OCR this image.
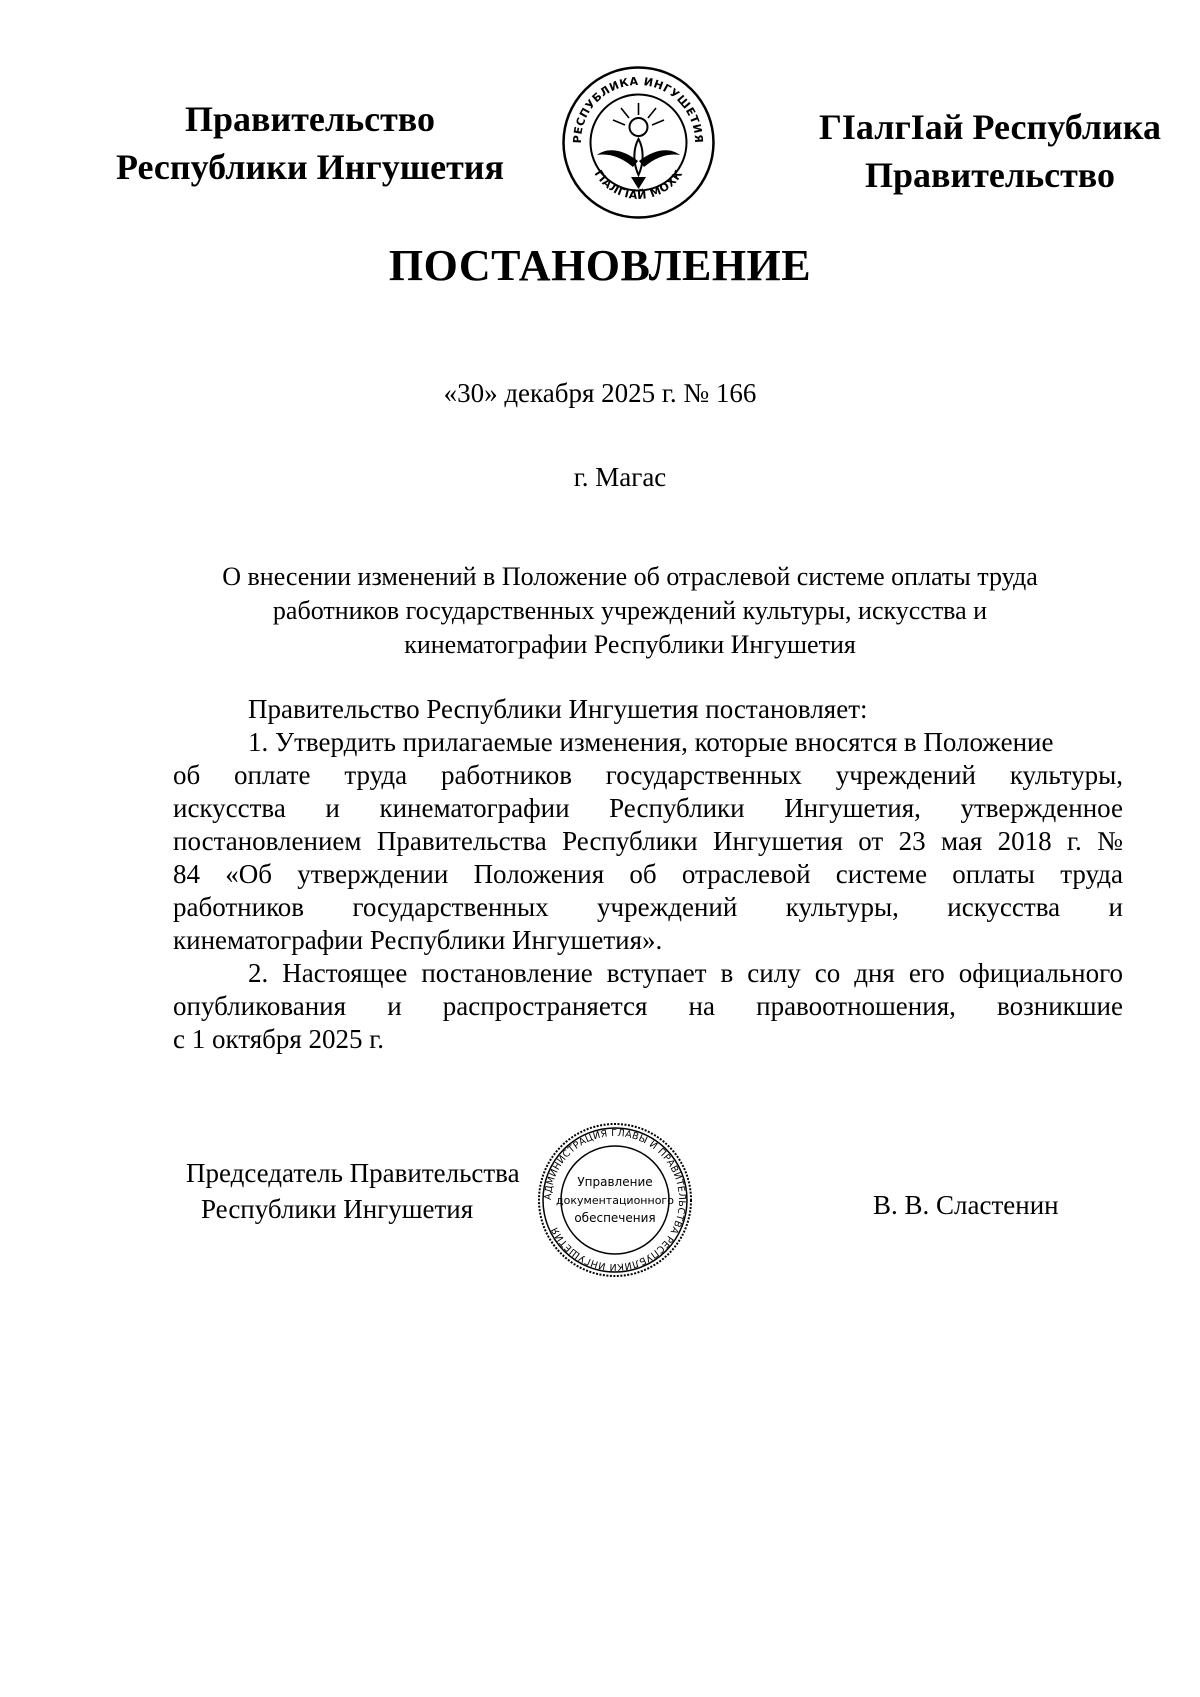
Правительство
Республики Ингушетия
РЕСПУБЛИКА ИНГУШЕТИЯ
ГӀАЛГӀАЙ МОХК
ГӀалгӀай Республика
Правительство
ПОСТАНОВЛЕНИЕ
«30» декабря 2025 г. № 166
г. Магас
О внесении изменений в Положение об отраслевой системе оплаты труда
работников государственных учреждений культуры, искусства и
кинематографии Республики Ингушетия
Правительство Республики Ингушетия постановляет:
1. Утвердить прилагаемые изменения, которые вносятся в Положение
об оплате труда работников государственных учреждений культуры,
искусства и кинематографии Республики Ингушетия, утвержденное
постановлением Правительства Республики Ингушетия от 23 мая 2018 г. №
84 «Об утверждении Положения об отраслевой системе оплаты труда
работников государственных учреждений культуры, искусства и
кинематографии Республики Ингушетия».
2. Настоящее постановление вступает в силу со дня его официального
опубликования и распространяется на правоотношения, возникшие
с 1 октября 2025 г.
Председатель Правительства
Республики Ингушетия	АДМИНИСТРАЦИЯ ГЛАВЫ И ПРАВИТЕЛЬСТВА РЕСПУБЛИКИ ИНГУШЕТИЯ
Управление
документационного
обеспечения	В. В. Сластенин
